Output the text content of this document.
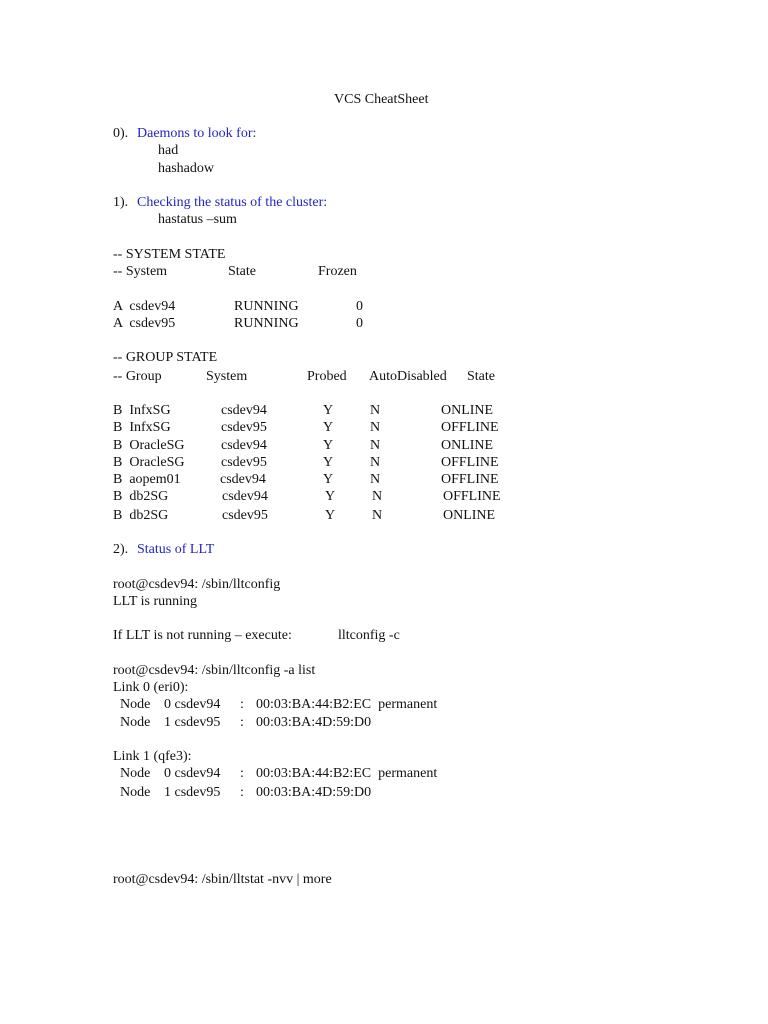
VCS CheatSheet
0). Daemons to look for:
had
hashadow
1). Checking the status of the cluster:
hastatus –sum
-- SYSTEM STATE
-- System	State	Frozen
A  csdev94	RUNNING	0
A  csdev95	RUNNING	0
-- GROUP STATE
-- Group	System	Probed AutoDisabled State
B  InfxSG	csdev94	Y	N	ONLINE
B  InfxSG	csdev95	Y	N	OFFLINE
B  OracleSG	csdev94	Y	N	ONLINE
B  OracleSG	csdev95	Y	N	OFFLINE
B  aopem01	csdev94	Y	N	OFFLINE
B  db2SG	csdev94	Y	N	OFFLINE
B  db2SG	csdev95	Y	N	ONLINE
2). Status of LLT
root@csdev94: /sbin/lltconfig
LLT is running
If LLT is not running – execute:	lltconfig -c
root@csdev94: /sbin/lltconfig -a list
Link 0 (eri0):
Node 0 csdev94 : 00:03:BA:44:B2:EC  permanent
Node 1 csdev95 : 00:03:BA:4D:59:D0
Link 1 (qfe3):
Node 0 csdev94 : 00:03:BA:44:B2:EC  permanent
Node 1 csdev95 : 00:03:BA:4D:59:D0
root@csdev94: /sbin/lltstat -nvv | more
